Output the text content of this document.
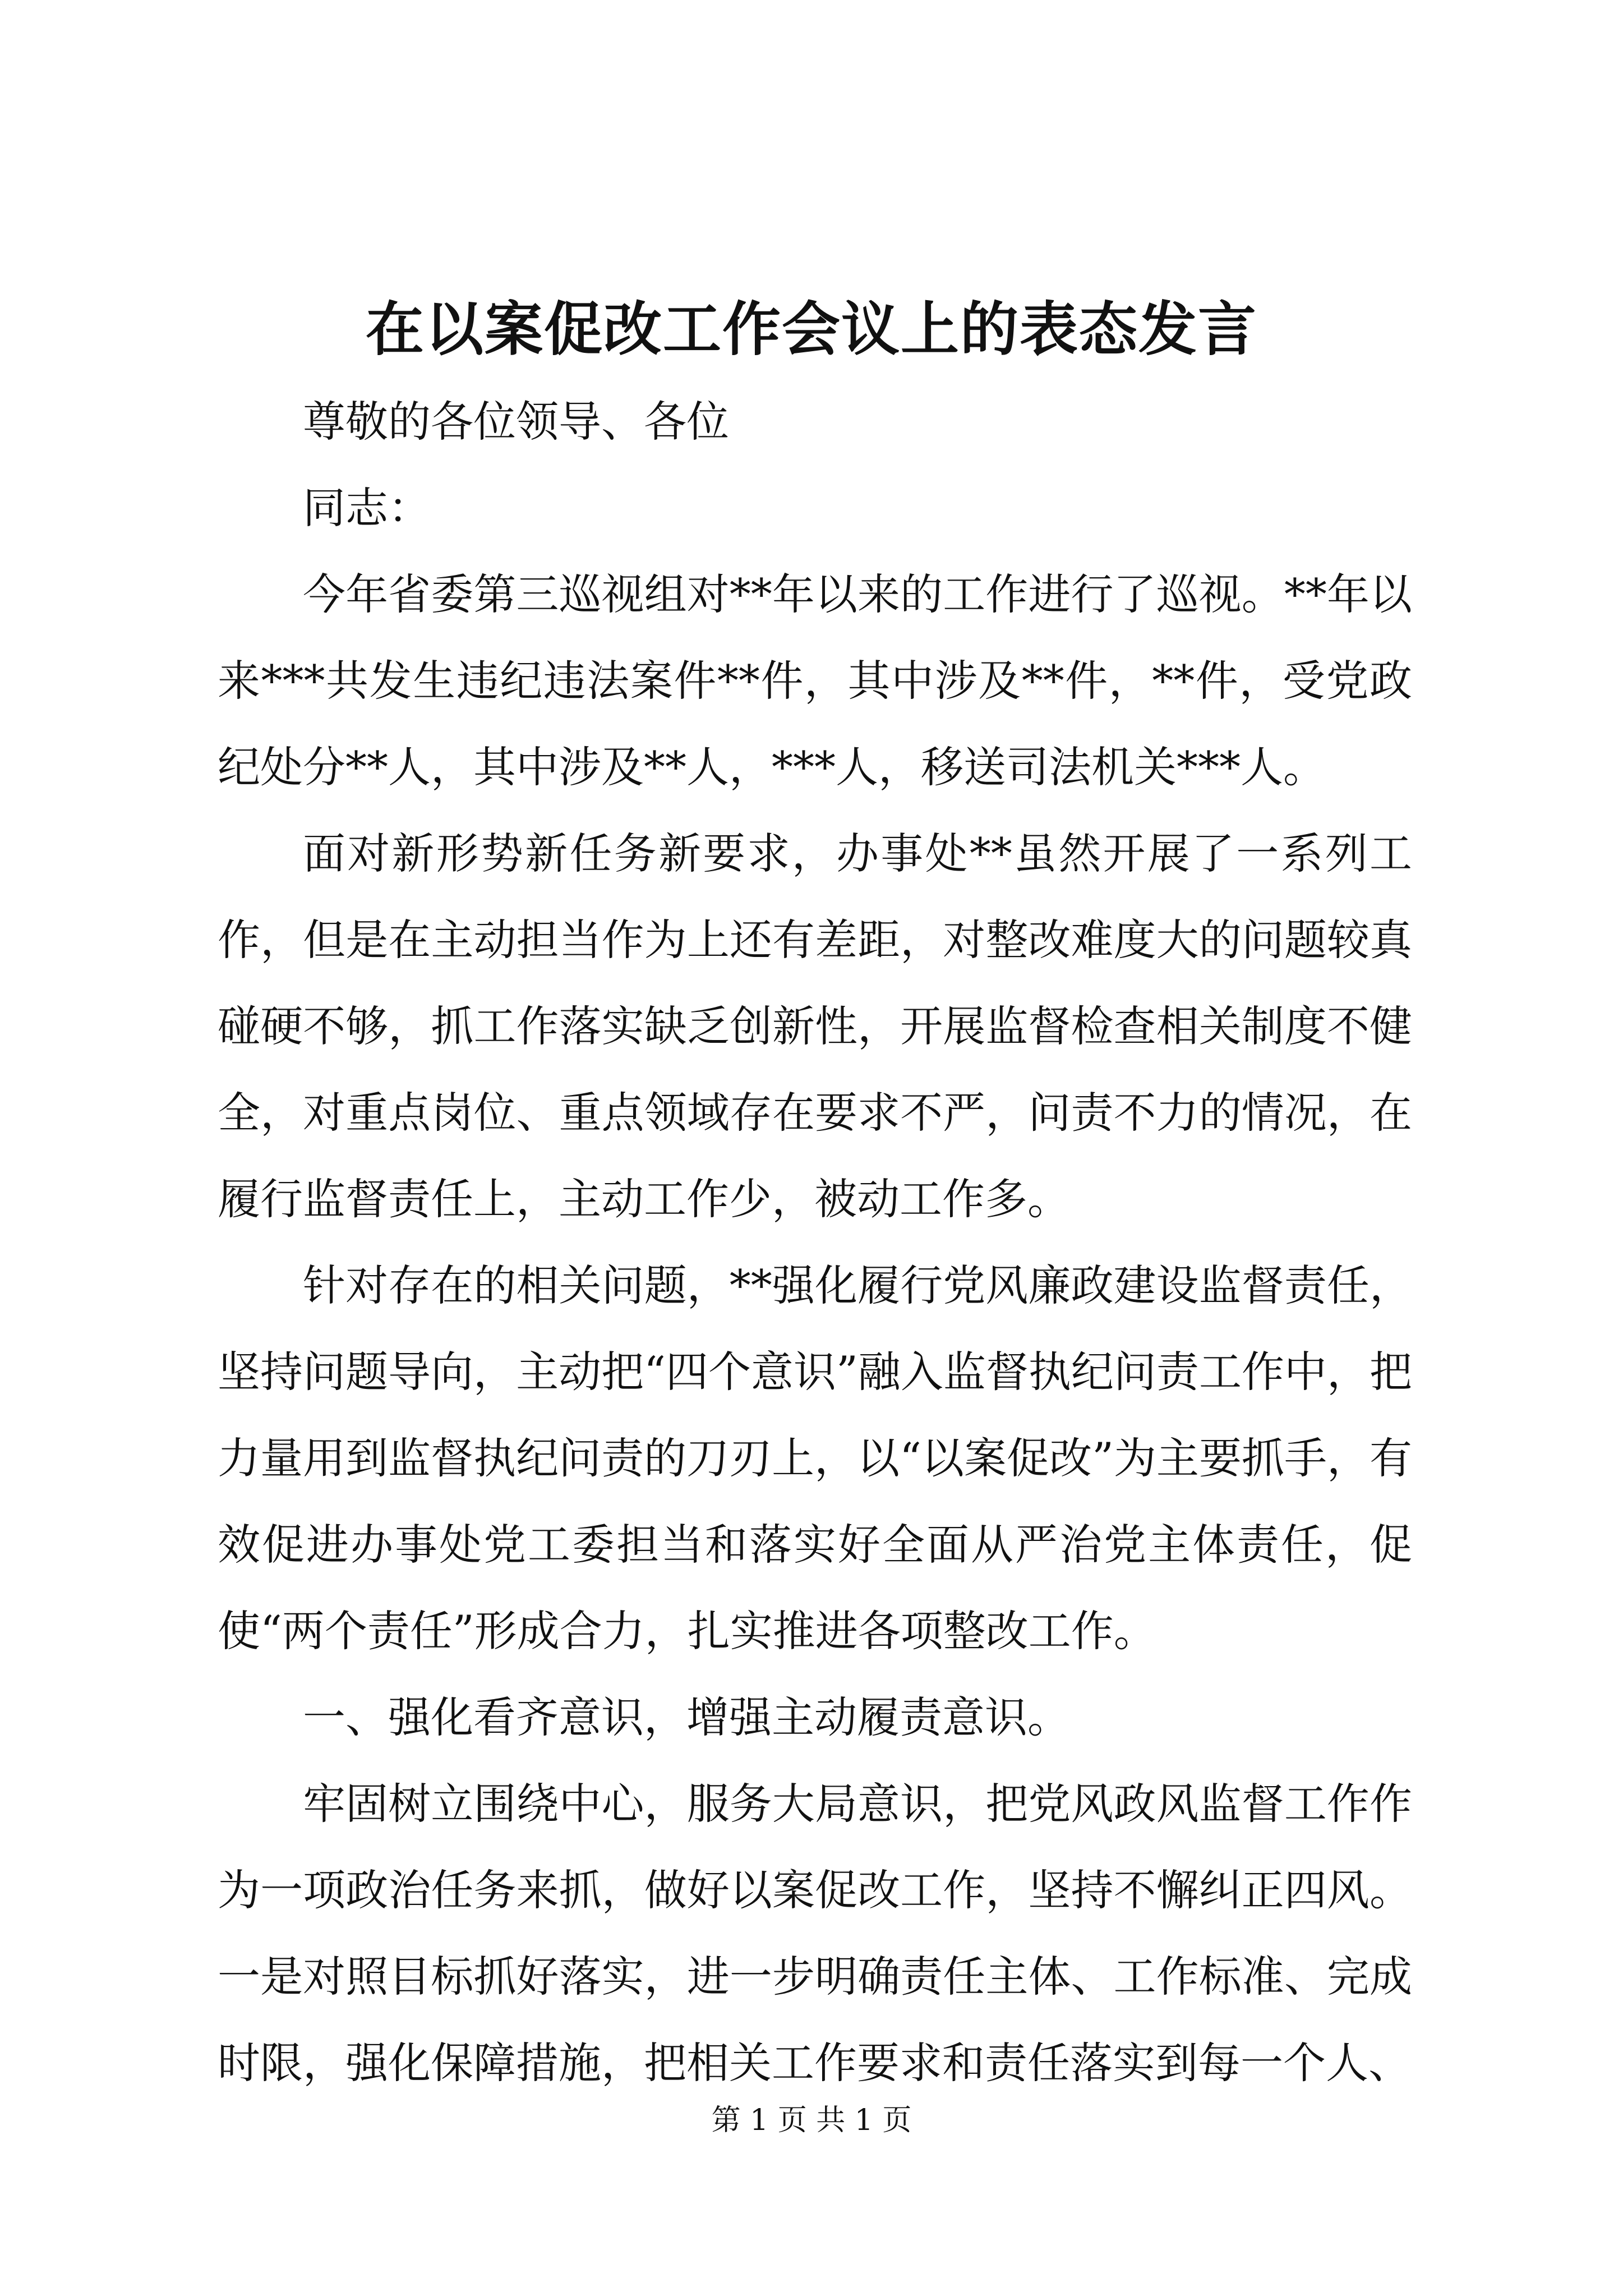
在以案促改工作会议上的表态发言

尊敬的各位领导、各位

同志：

今年省委第三巡视组对**年以来的工作进行了巡视。**年以来***共发生违纪违法案件**件，其中涉及**件，**件，受党政纪处分**人，其中涉及**人，***人，移送司法机关***人。

面对新形势新任务新要求，办事处**虽然开展了一系列工作，但是在主动担当作为上还有差距，对整改难度大的问题较真碰硬不够，抓工作落实缺乏创新性，开展监督检查相关制度不健全，对重点岗位、重点领域存在要求不严，问责不力的情况，在履行监督责任上，主动工作少，被动工作多。

针对存在的相关问题，**强化履行党风廉政建设监督责任，坚持问题导向，主动把“四个意识”融入监督执纪问责工作中，把力量用到监督执纪问责的刀刃上，以“以案促改”为主要抓手，有效促进办事处党工委担当和落实好全面从严治党主体责任，促使“两个责任”形成合力，扎实推进各项整改工作。

一、强化看齐意识，增强主动履责意识。

牢固树立围绕中心，服务大局意识，把党风政风监督工作作为一项政治任务来抓，做好以案促改工作，坚持不懈纠正四风。一是对照目标抓好落实，进一步明确责任主体、工作标准、完成时限，强化保障措施，把相关工作要求和责任落实到每一个人、

第 1 页 共 1 页
